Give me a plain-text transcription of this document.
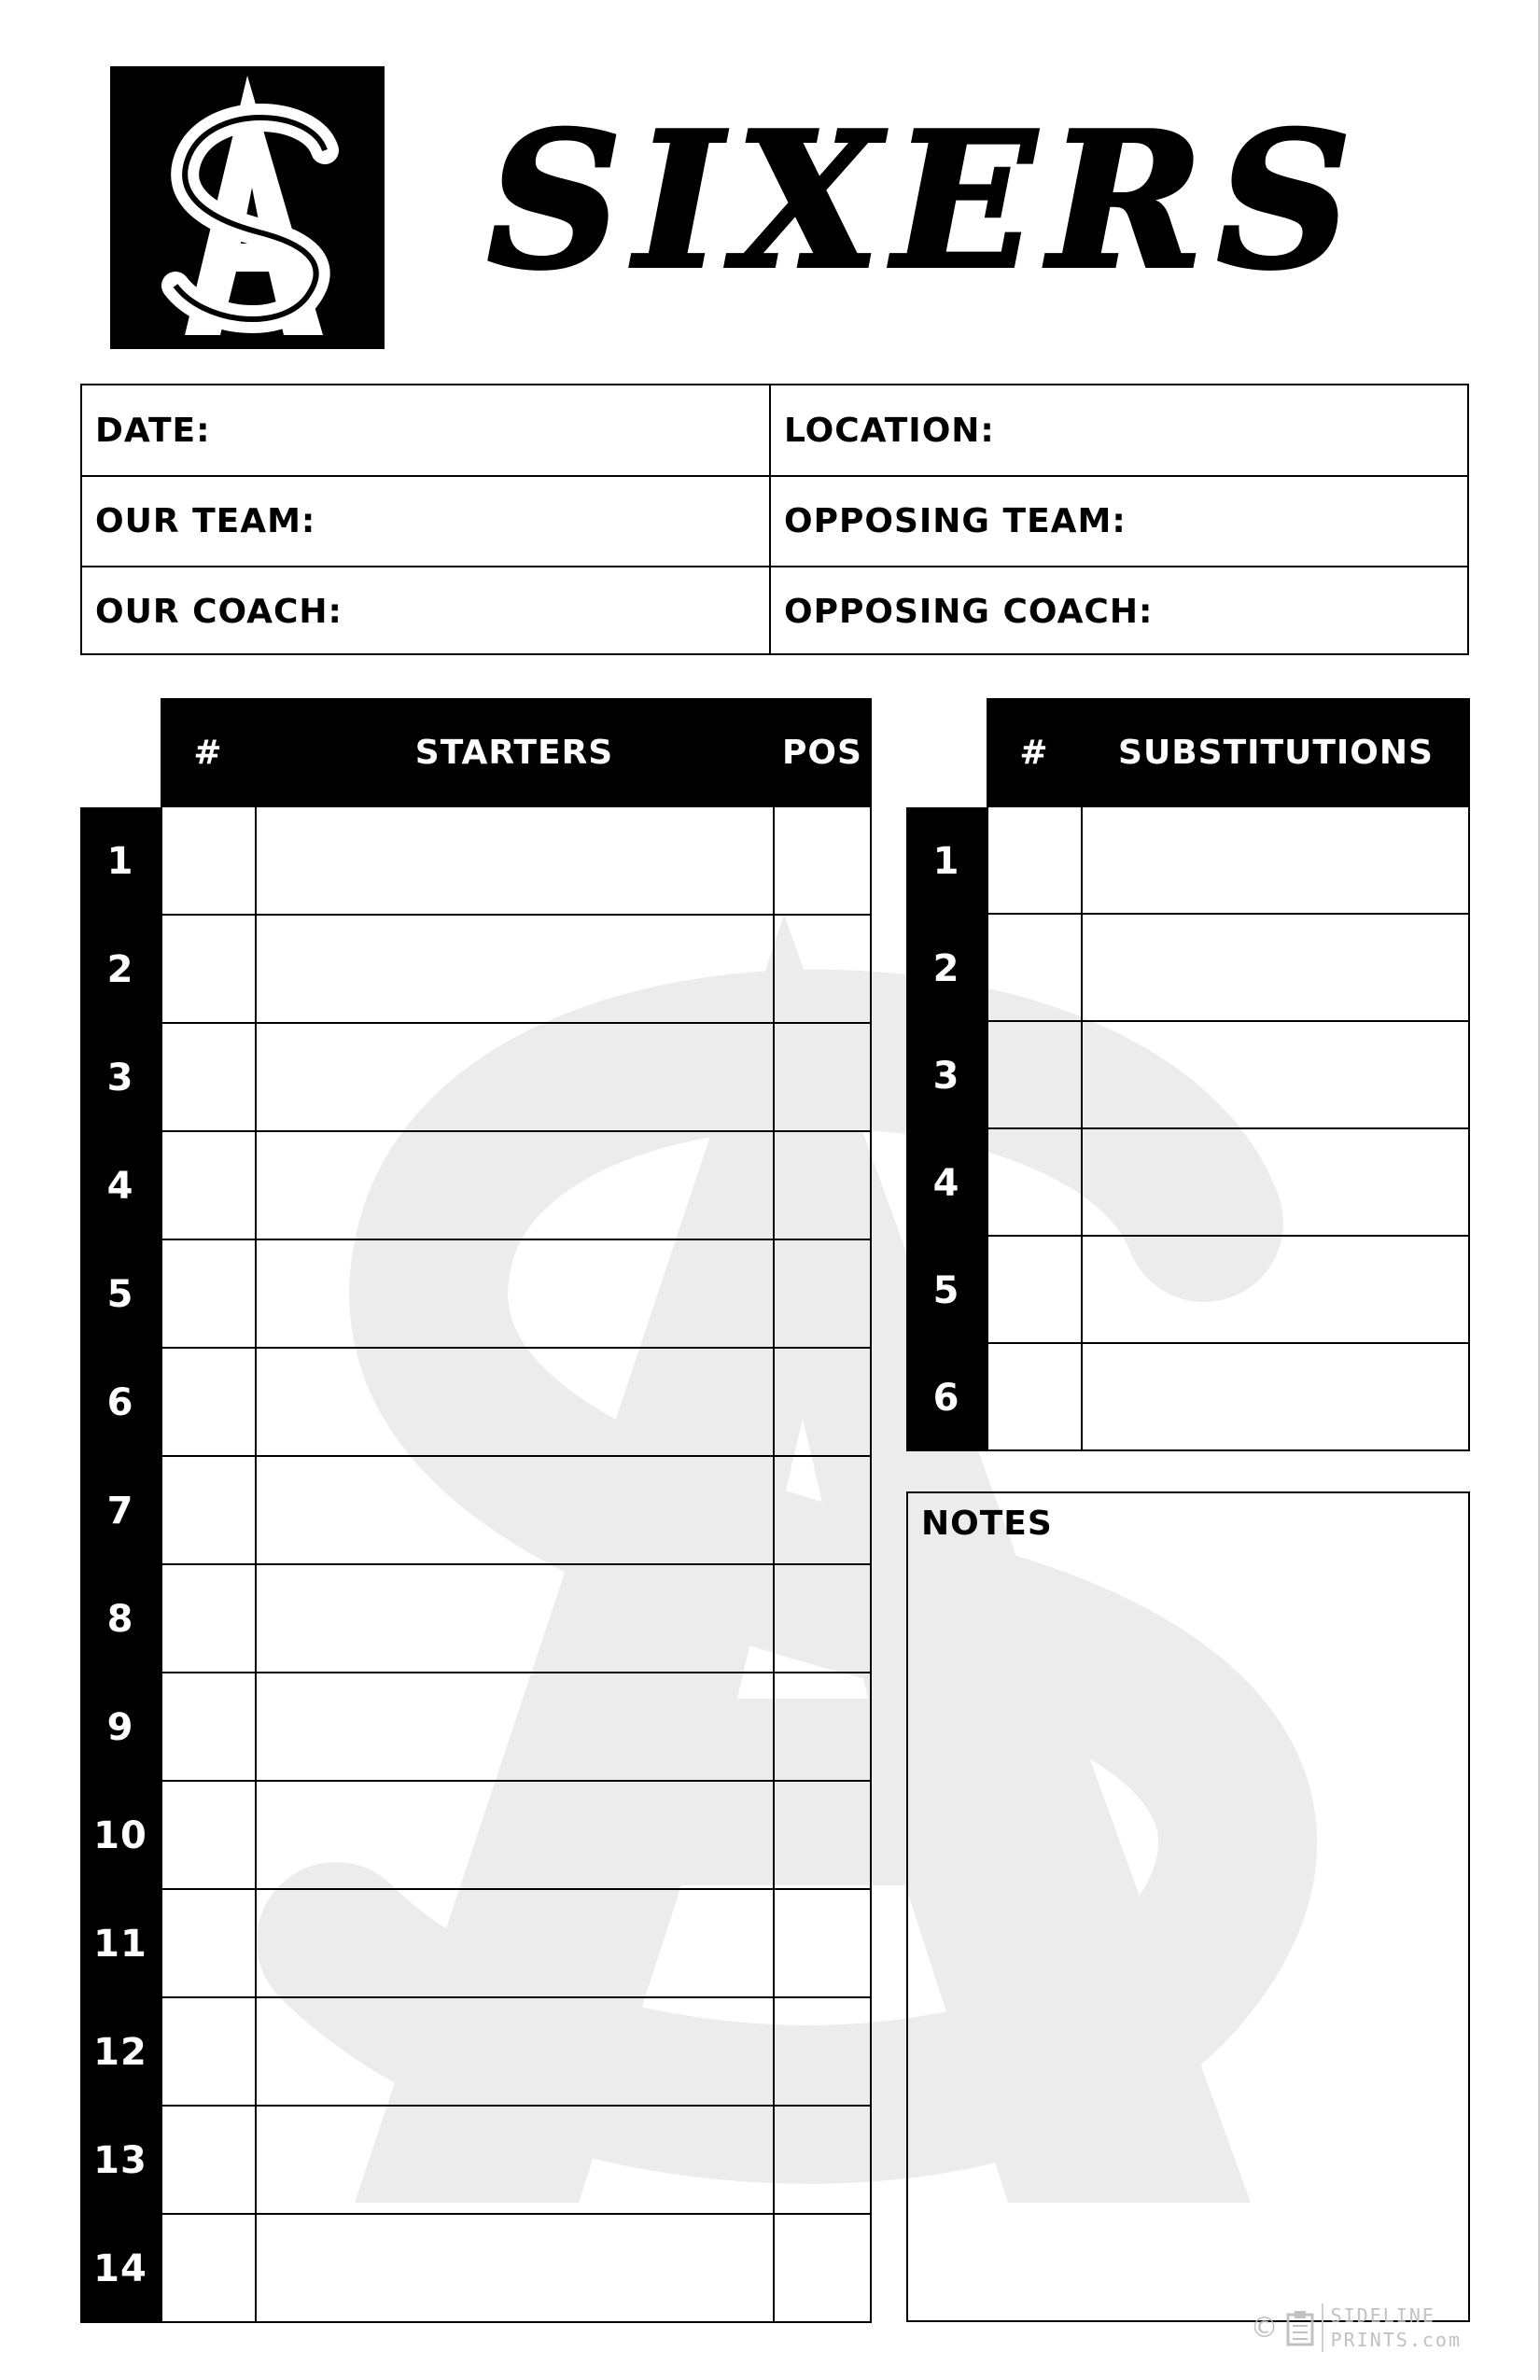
SIXERS
DATE:	LOCATION:
OUR TEAM:	OPPOSING TEAM:
OUR COACH:	OPPOSING COACH:
#	STARTERS	POS
1
2
3
4
5
6
7
8
9
10
11
12
13
14
#	SUBSTITUTIONS
1
2
3
4
5
6
NOTES
©	SIDELINE
PRINTS.com
